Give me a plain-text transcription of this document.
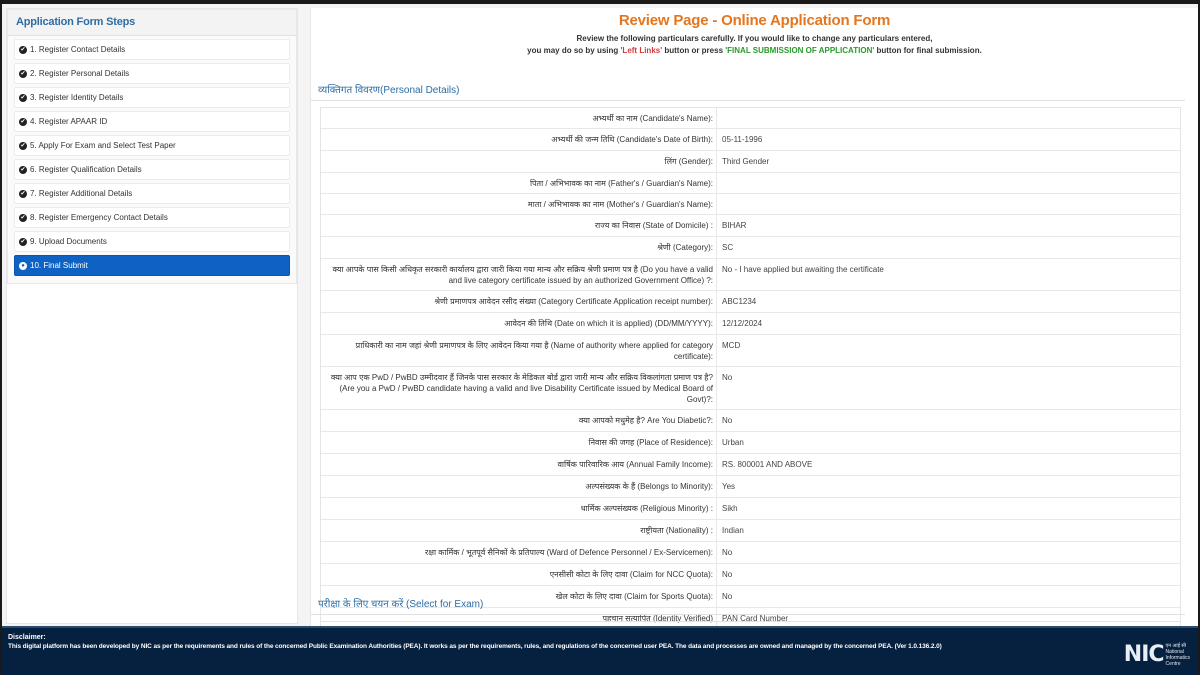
Application Form Steps
✔ 1. Register Contact Details
✔ 2. Register Personal Details
✔ 3. Register Identity Details
✔ 4. Register APAAR ID
✔ 5. Apply For Exam and Select Test Paper
✔ 6. Register Qualification Details
✔ 7. Register Additional Details
✔ 8. Register Emergency Contact Details
✔ 9. Upload Documents
● 10. Final Submit
Review Page - Online Application Form
Review the following particulars carefully. If you would like to change any particulars entered,
you may do so by using 'Left Links' button or press 'FINAL SUBMISSION OF APPLICATION' button for final submission.
व्यक्तिगत विवरण(Personal Details)
अभ्यर्थी का नाम (Candidate's Name):
अभ्यर्थी की जन्म तिथि (Candidate's Date of Birth):	05-11-1996
लिंग (Gender):	Third Gender
पिता / अभिभावक का नाम (Father's / Guardian's Name):
माता / अभिभावक का नाम (Mother's / Guardian's Name):
राज्य का निवास (State of Domicile) :	BIHAR
श्रेणी (Category):	SC
क्या आपके पास किसी अधिकृत सरकारी कार्यालय द्वारा जारी किया गया मान्य और सक्रिय श्रेणी प्रमाण पत्र है (Do you have a valid and live category certificate issued by an authorized Government Office) ?:
No - I have applied but awaiting the certificate
श्रेणी प्रमाणपत्र आवेदन रसीद संख्या (Category Certificate Application receipt number):	ABC1234
आवेदन की तिथि (Date on which it is applied) (DD/MM/YYYY):	12/12/2024
प्राधिकारी का नाम जहां श्रेणी प्रमाणपत्र के लिए आवेदन किया गया है (Name of authority where applied for category certificate):
MCD
क्या आप एक PwD / PwBD उम्मीदवार हैं जिनके पास सरकार के मेडिकल बोर्ड द्वारा जारी मान्य और सक्रिय विकलांगता प्रमाण पत्र है? (Are you a PwD / PwBD candidate having a valid and live Disability Certificate issued by Medical Board of Govt)?:
No
क्या आपको मधुमेह है? Are You Diabetic?:	No
निवास की जगह (Place of Residence):	Urban
वार्षिक पारिवारिक आय (Annual Family Income):	RS. 800001 AND ABOVE
अल्पसंख्यक के हैं (Belongs to Minority):	Yes
धार्मिक अल्पसंख्यक (Religious Minority) :	Sikh
राष्ट्रीयता (Nationality) :	Indian
रक्षा कार्मिक / भूतपूर्व सैनिकों के प्रतिपाल्य (Ward of Defence Personnel / Ex-Servicemen):	No
एनसीसी कोटा के लिए दावा (Claim for NCC Quota):	No
खेल कोटा के लिए दावा (Claim for Sports Quota):	No
पहचान सत्यापित (Identity Verified)	PAN Card Number
परीक्षा के लिए चयन करें (Select for Exam)
Disclaimer:
This digital platform has been developed by NIC as per the requirements and rules of the concerned Public Examination Authorities (PEA). It works as per the requirements, rules, and regulations of the concerned user PEA. The data and processes are owned and managed by the concerned PEA. (Ver 1.0.136.2.0)	NIC एन आई सी
National
Informatics
Centre
